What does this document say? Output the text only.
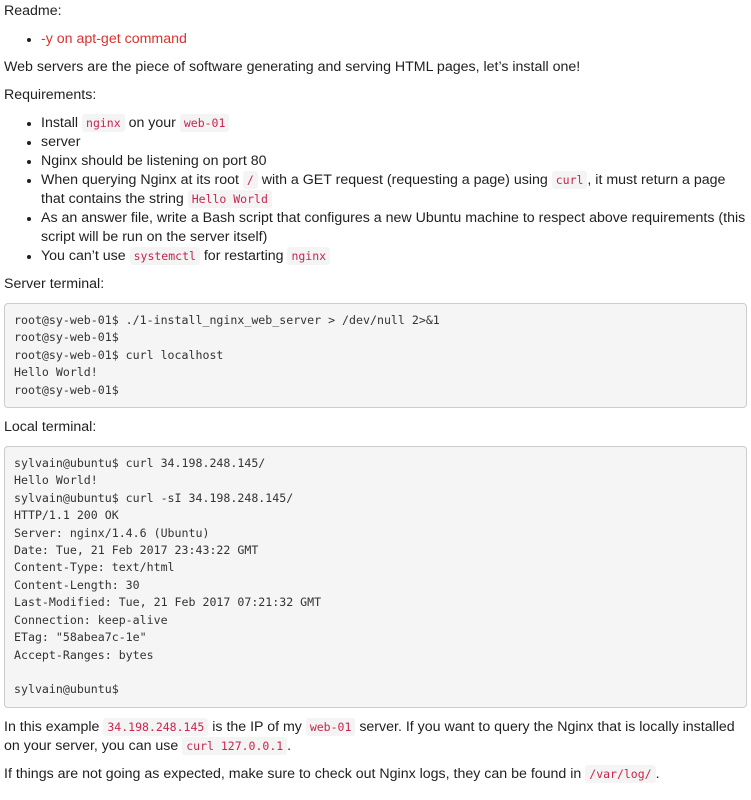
Readme:

• -y on apt-get command

Web servers are the piece of software generating and serving HTML pages, let’s install one!

Requirements:

• Install nginx on your web-01
• server
• Nginx should be listening on port 80
• When querying Nginx at its root / with a GET request (requesting a page) using curl , it must return a page that contains the string Hello World
• As an answer file, write a Bash script that configures a new Ubuntu machine to respect above requirements (this script will be run on the server itself)
• You can’t use systemctl for restarting nginx

Server terminal:

root@sy-web-01$ ./1-install_nginx_web_server > /dev/null 2>&1
root@sy-web-01$
root@sy-web-01$ curl localhost
Hello World!
root@sy-web-01$

Local terminal:

sylvain@ubuntu$ curl 34.198.248.145/
Hello World!
sylvain@ubuntu$ curl -sI 34.198.248.145/
HTTP/1.1 200 OK
Server: nginx/1.4.6 (Ubuntu)
Date: Tue, 21 Feb 2017 23:43:22 GMT
Content-Type: text/html
Content-Length: 30
Last-Modified: Tue, 21 Feb 2017 07:21:32 GMT
Connection: keep-alive
ETag: "58abea7c-1e"
Accept-Ranges: bytes

sylvain@ubuntu$

In this example 34.198.248.145 is the IP of my web-01 server. If you want to query the Nginx that is locally installed on your server, you can use curl 127.0.0.1 .

If things are not going as expected, make sure to check out Nginx logs, they can be found in /var/log/ .
